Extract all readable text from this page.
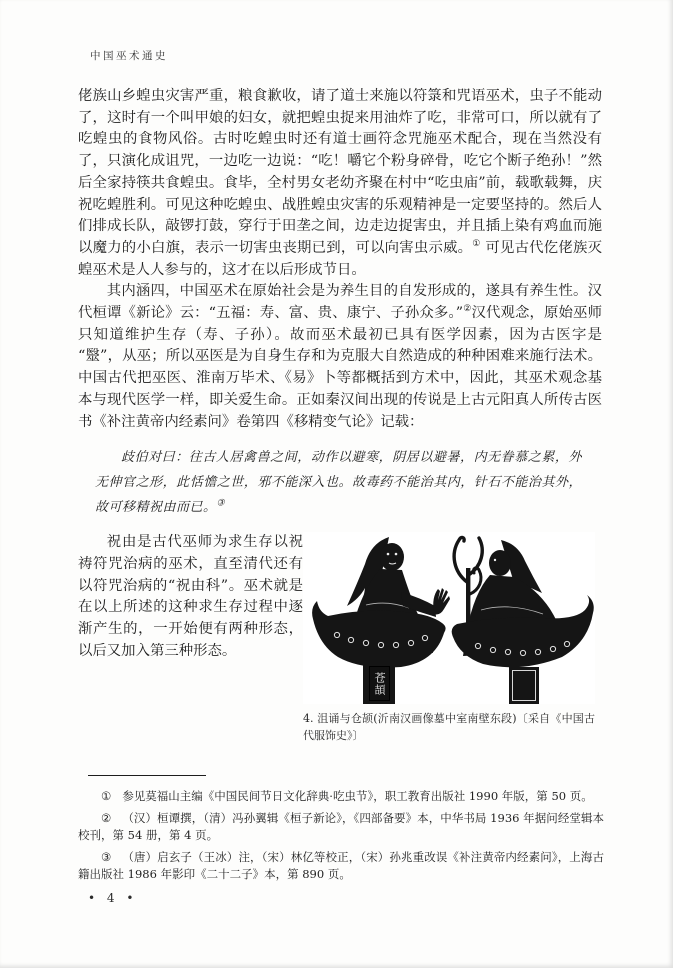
中国巫术通史

佬族山乡蝗虫灾害严重，粮食歉收，请了道士来施以符箓和咒语巫术，虫子不能动了，这时有一个叫甲娘的妇女，就把蝗虫捉来用油炸了吃，非常可口，所以就有了吃蝗虫的食物风俗。古时吃蝗虫时还有道士画符念咒施巫术配合，现在当然没有了，只演化成诅咒，一边吃一边说：“吃！嚼它个粉身碎骨，吃它个断子绝孙！”然后全家持筷共食蝗虫。食毕，全村男女老幼齐聚在村中“吃虫庙”前，载歌载舞，庆祝吃蝗胜利。可见这种吃蝗虫、战胜蝗虫灾害的乐观精神是一定要坚持的。然后人们排成长队，敲锣打鼓，穿行于田垄之间，边走边捉害虫，并且插上染有鸡血而施以魔力的小白旗，表示一切害虫丧期已到，可以向害虫示威。① 可见古代仡佬族灭蝗巫术是人人参与的，这才在以后形成节日。

其内涵四，中国巫术在原始社会是为养生目的自发形成的，遂具有养生性。汉代桓谭《新论》云：“五福：寿、富、贵、康宁、子孙众多。”②汉代观念，原始巫师只知道维护生存（寿、子孙）。故而巫术最初已具有医学因素，因为古医字是“毉”，从巫；所以巫医是为自身生存和为克服大自然造成的种种困难来施行法术。中国古代把巫医、淮南万毕术、《易》卜等都概括到方术中，因此，其巫术观念基本与现代医学一样，即关爱生命。正如秦汉间出现的传说是上古元阳真人所传古医书《补注黄帝内经素问》卷第四《移精变气论》记载：

歧伯对曰：往古人居禽兽之间，动作以避寒，阴居以避暑，内无眷慕之累，外无伸官之形，此恬憺之世，邪不能深入也。故毒药不能治其内，针石不能治其外，故可移精祝由而已。③

祝由是古代巫师为求生存以祝祷符咒治病的巫术，直至清代还有以符咒治病的“祝由科”。巫术就是在以上所述的这种求生存过程中逐渐产生的，一开始便有两种形态，以后又加入第三种形态。

苍頡
4. 沮诵与仓颉(沂南汉画像墓中室南壁东段)〔采自《中国古代服饰史》〕

① 参见莫福山主编《中国民间节日文化辞典·吃虫节》，职工教育出版社 1990 年版，第 50 页。

② （汉）桓谭撰，（清）冯孙翼辑《桓子新论》，《四部备要》本，中华书局 1936 年据问经堂辑本校刊，第 54 册，第 4 页。

③ （唐）启玄子（王冰）注，（宋）林亿等校正，（宋）孙兆重改误《补注黄帝内经素问》，上海古籍出版社 1986 年影印《二十二子》本，第 890 页。

• 4 •
